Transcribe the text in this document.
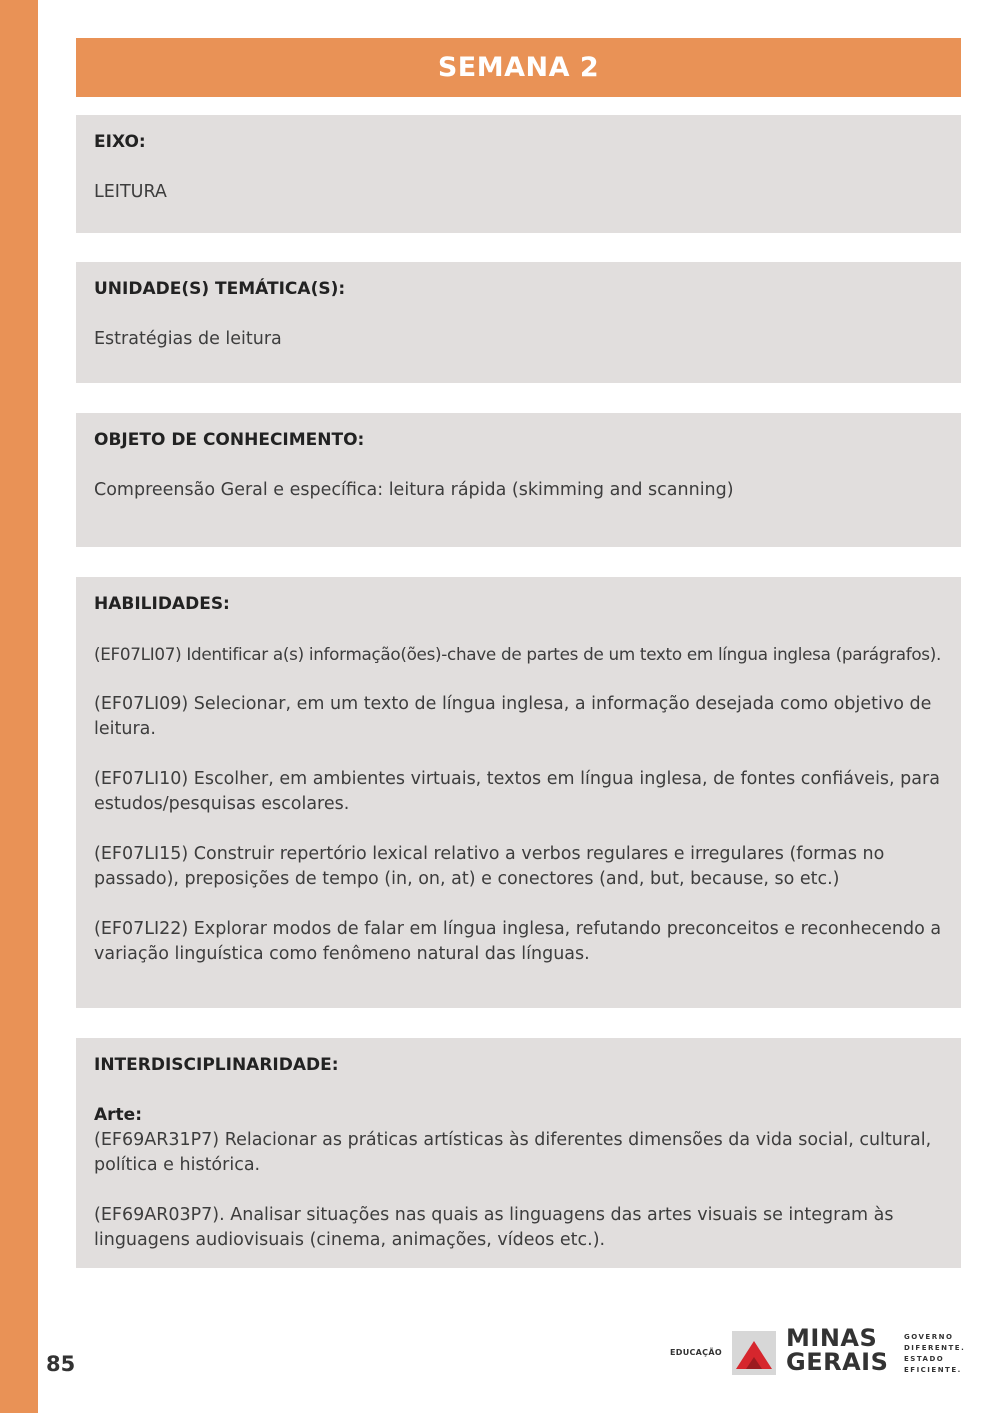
SEMANA 2

EIXO:

LEITURA

UNIDADE(S) TEMÁTICA(S):

Estratégias de leitura

OBJETO DE CONHECIMENTO:

Compreensão Geral e específica: leitura rápida (skimming and scanning)

HABILIDADES:

(EF07LI07) Identificar a(s) informação(ões)-chave de partes de um texto em língua inglesa (parágrafos).

(EF07LI09) Selecionar, em um texto de língua inglesa, a informação desejada como objetivo de leitura.

(EF07LI10) Escolher, em ambientes virtuais, textos em língua inglesa, de fontes confiáveis, para estudos/pesquisas escolares.

(EF07LI15) Construir repertório lexical relativo a verbos regulares e irregulares (formas no passado), preposições de tempo (in, on, at) e conectores (and, but, because, so etc.)

(EF07LI22) Explorar modos de falar em língua inglesa, refutando preconceitos e reconhecendo a variação linguística como fenômeno natural das línguas.

INTERDISCIPLINARIDADE:

Arte:

(EF69AR31P7) Relacionar as práticas artísticas às diferentes dimensões da vida social, cultural, política e histórica.

(EF69AR03P7). Analisar situações nas quais as linguagens das artes visuais se integram às linguagens audiovisuais (cinema, animações, vídeos etc.).

85	EDUCAÇÃO
MINAS
GERAIS
GOVERNO
DIFERENTE.
ESTADO
EFICIENTE.
